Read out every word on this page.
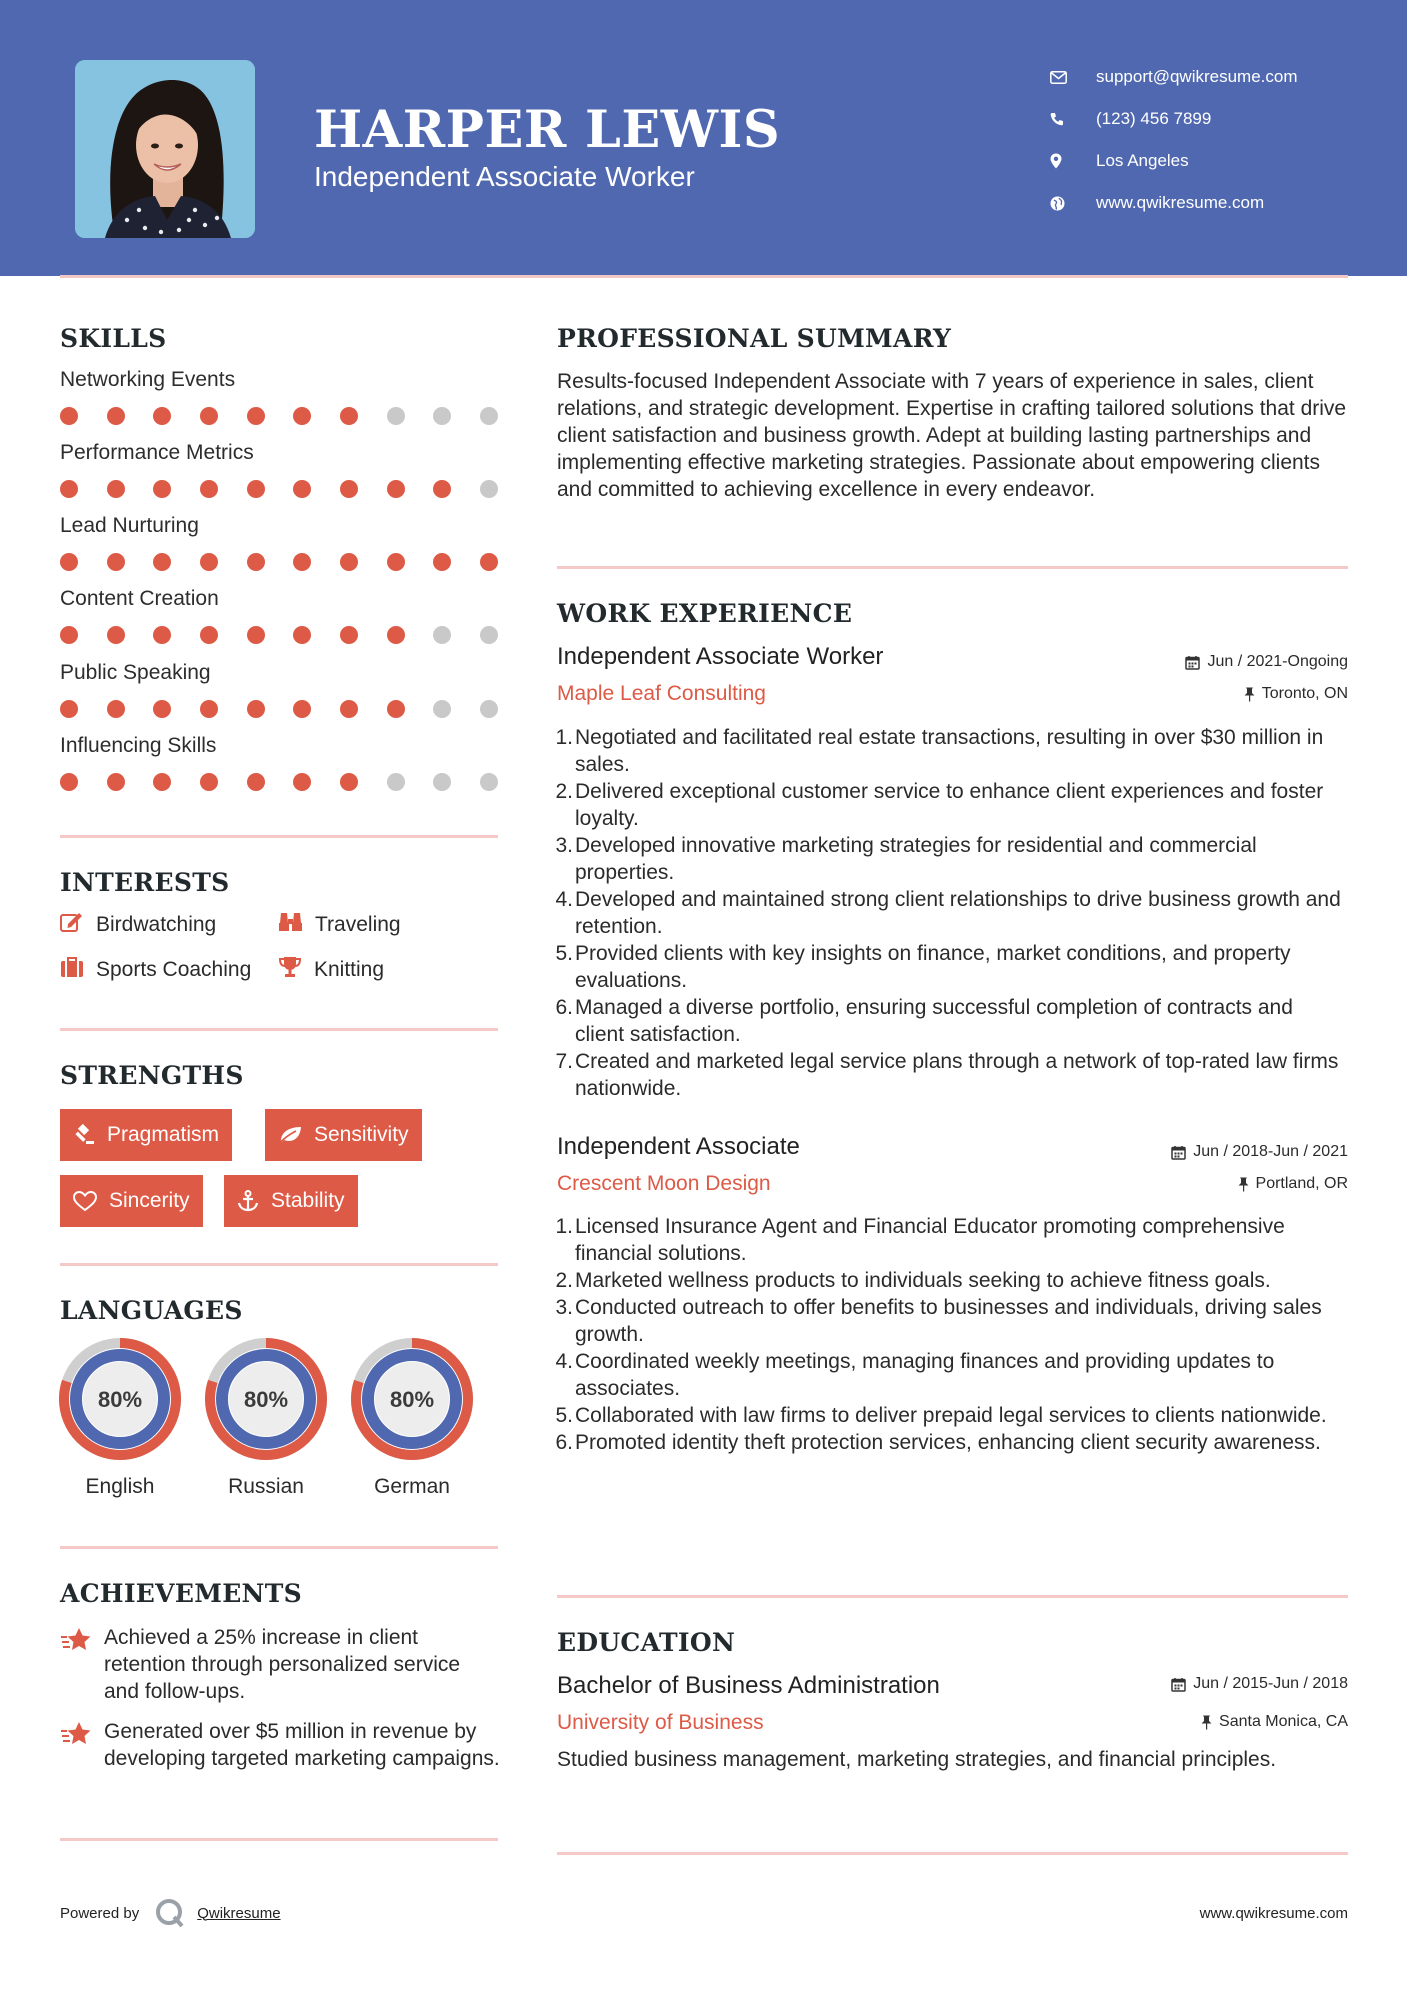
HARPER LEWIS
Independent Associate Worker
support@qwikresume.com
(123) 456 7899
Los Angeles
www.qwikresume.com
SKILLS
Networking Events
Performance Metrics
Lead Nurturing
Content Creation
Public Speaking
Influencing Skills
INTERESTS
Birdwatching	Traveling
Sports Coaching	Knitting
STRENGTHS
Pragmatism	Sensitivity
Sincerity	Stability
LANGUAGES
80%
English
80%
Russian
80%
German
ACHIEVEMENTS
Achieved a 25% increase in client retention through personalized service and follow-ups.
Generated over $5 million in revenue by developing targeted marketing campaigns.
PROFESSIONAL SUMMARY
Results-focused Independent Associate with 7 years of experience in sales, client relations, and strategic development. Expertise in crafting tailored solutions that drive client satisfaction and business growth. Adept at building lasting partnerships and implementing effective marketing strategies. Passionate about empowering clients and committed to achieving excellence in every endeavor.
WORK EXPERIENCE
Independent Associate Worker	Jun / 2021-Ongoing
Maple Leaf Consulting	Toronto, ON
1. Negotiated and facilitated real estate transactions, resulting in over $30 million in sales.
2. Delivered exceptional customer service to enhance client experiences and foster loyalty.
3. Developed innovative marketing strategies for residential and commercial properties.
4. Developed and maintained strong client relationships to drive business growth and retention.
5. Provided clients with key insights on finance, market conditions, and property evaluations.
6. Managed a diverse portfolio, ensuring successful completion of contracts and client satisfaction.
7. Created and marketed legal service plans through a network of top-rated law firms nationwide.
Independent Associate	Jun / 2018-Jun / 2021
Crescent Moon Design	Portland, OR
1. Licensed Insurance Agent and Financial Educator promoting comprehensive financial solutions.
2. Marketed wellness products to individuals seeking to achieve fitness goals.
3. Conducted outreach to offer benefits to businesses and individuals, driving sales growth.
4. Coordinated weekly meetings, managing finances and providing updates to associates.
5. Collaborated with law firms to deliver prepaid legal services to clients nationwide.
6. Promoted identity theft protection services, enhancing client security awareness.
EDUCATION
Bachelor of Business Administration	Jun / 2015-Jun / 2018
University of Business	Santa Monica, CA
Studied business management, marketing strategies, and financial principles.
Powered by	Qwikresume	www.qwikresume.com
